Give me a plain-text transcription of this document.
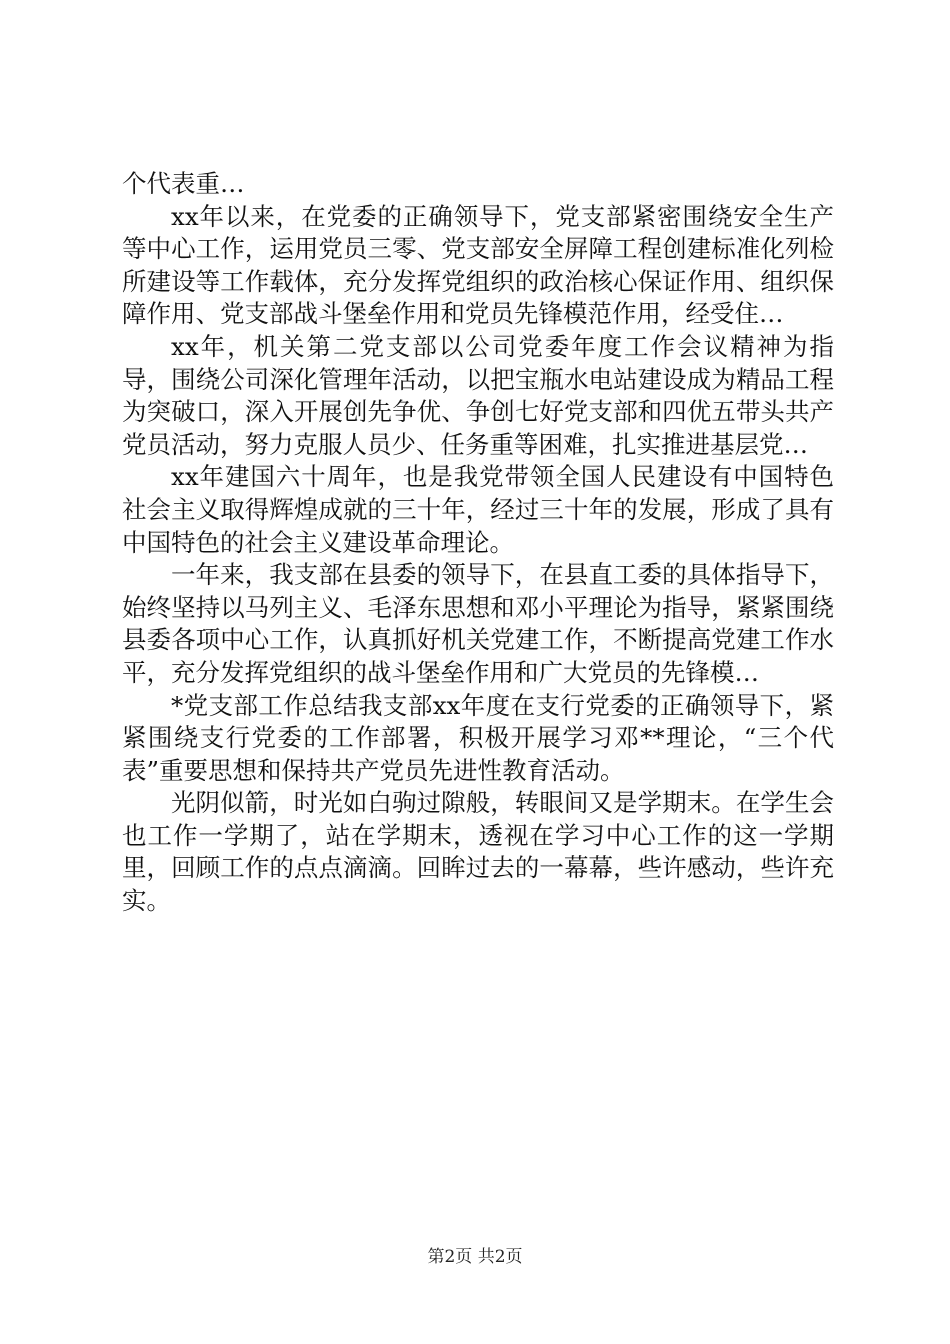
个代表重…

xx年以来，在党委的正确领导下，党支部紧密围绕安全生产等中心工作，运用党员三零、党支部安全屏障工程创建标准化列检所建设等工作载体，充分发挥党组织的政治核心保证作用、组织保障作用、党支部战斗堡垒作用和党员先锋模范作用，经受住…

xx年，机关第二党支部以公司党委年度工作会议精神为指导，围绕公司深化管理年活动，以把宝瓶水电站建设成为精品工程为突破口，深入开展创先争优、争创七好党支部和四优五带头共产党员活动，努力克服人员少、任务重等困难，扎实推进基层党…

xx年建国六十周年，也是我党带领全国人民建设有中国特色社会主义取得辉煌成就的三十年，经过三十年的发展，形成了具有中国特色的社会主义建设革命理论。

一年来，我支部在县委的领导下，在县直工委的具体指导下，始终坚持以马列主义、毛泽东思想和邓小平理论为指导，紧紧围绕县委各项中心工作，认真抓好机关党建工作，不断提高党建工作水平，充分发挥党组织的战斗堡垒作用和广大党员的先锋模…

*党支部工作总结我支部xx年度在支行党委的正确领导下，紧紧围绕支行党委的工作部署，积极开展学习邓**理论，“三个代表”重要思想和保持共产党员先进性教育活动。

光阴似箭，时光如白驹过隙般，转眼间又是学期末。在学生会也工作一学期了，站在学期末，透视在学习中心工作的这一学期里，回顾工作的点点滴滴。回眸过去的一幕幕，些许感动，些许充实。

第2页 共2页
